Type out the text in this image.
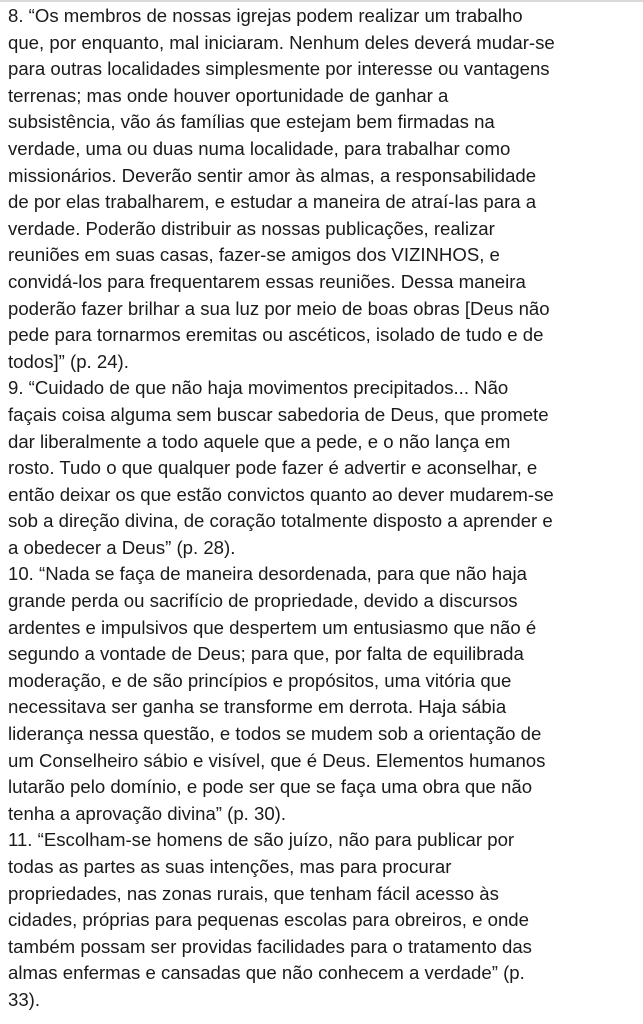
8. “Os membros de nossas igrejas podem realizar um trabalho
que, por enquanto, mal iniciaram. Nenhum deles deverá mudar-se
para outras localidades simplesmente por interesse ou vantagens
terrenas; mas onde houver oportunidade de ganhar a
subsistência, vão ás famílias que estejam bem firmadas na
verdade, uma ou duas numa localidade, para trabalhar como
missionários. Deverão sentir amor às almas, a responsabilidade
de por elas trabalharem, e estudar a maneira de atraí-las para a
verdade. Poderão distribuir as nossas publicações, realizar
reuniões em suas casas, fazer-se amigos dos VIZINHOS, e
convidá-los para frequentarem essas reuniões. Dessa maneira
poderão fazer brilhar a sua luz por meio de boas obras [Deus não
pede para tornarmos eremitas ou ascéticos, isolado de tudo e de
todos]” (p. 24).
9. “Cuidado de que não haja movimentos precipitados... Não
façais coisa alguma sem buscar sabedoria de Deus, que promete
dar liberalmente a todo aquele que a pede, e o não lança em
rosto. Tudo o que qualquer pode fazer é advertir e aconselhar, e
então deixar os que estão convictos quanto ao dever mudarem-se
sob a direção divina, de coração totalmente disposto a aprender e
a obedecer a Deus” (p. 28).
10. “Nada se faça de maneira desordenada, para que não haja
grande perda ou sacrifício de propriedade, devido a discursos
ardentes e impulsivos que despertem um entusiasmo que não é
segundo a vontade de Deus; para que, por falta de equilibrada
moderação, e de são princípios e propósitos, uma vitória que
necessitava ser ganha se transforme em derrota. Haja sábia
liderança nessa questão, e todos se mudem sob a orientação de
um Conselheiro sábio e visível, que é Deus. Elementos humanos
lutarão pelo domínio, e pode ser que se faça uma obra que não
tenha a aprovação divina” (p. 30).
11. “Escolham-se homens de são juízo, não para publicar por
todas as partes as suas intenções, mas para procurar
propriedades, nas zonas rurais, que tenham fácil acesso às
cidades, próprias para pequenas escolas para obreiros, e onde
também possam ser providas facilidades para o tratamento das
almas enfermas e cansadas que não conhecem a verdade” (p.
33).
